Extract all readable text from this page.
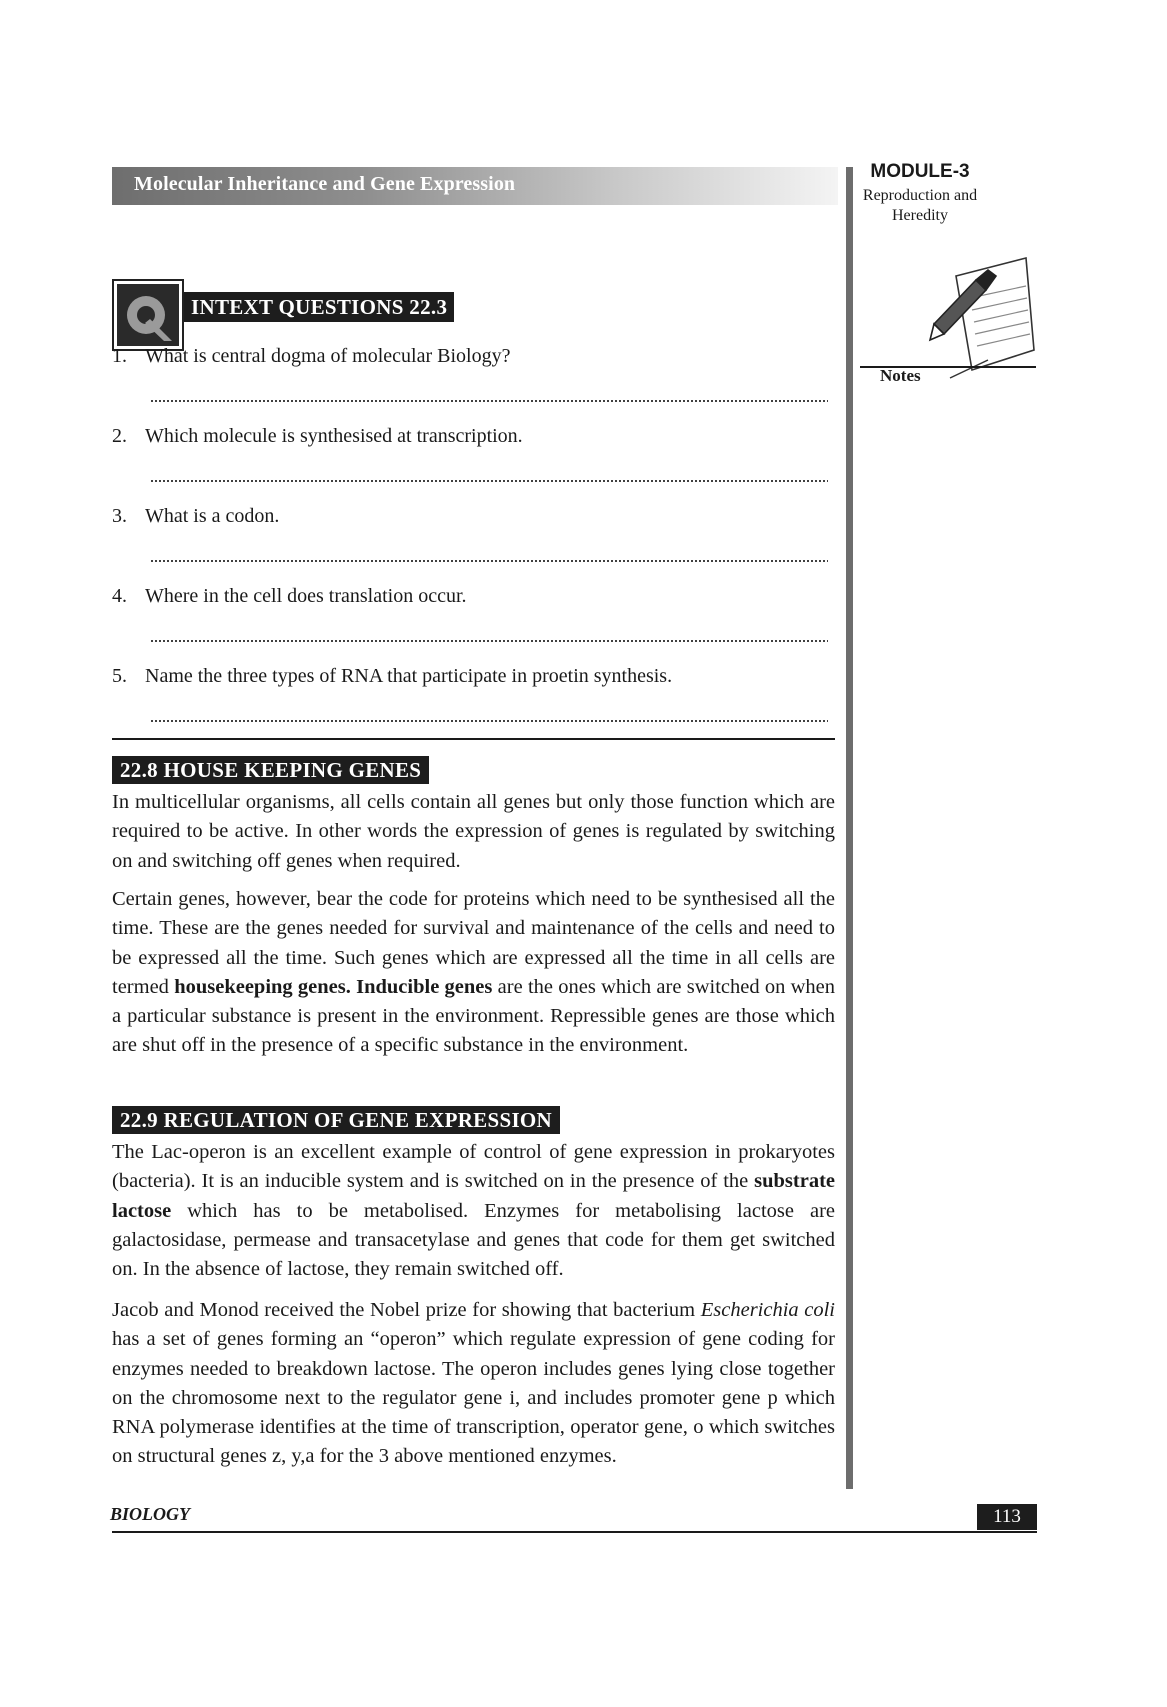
Molecular Inheritance and Gene Expression
MODULE-3
Reproduction and
Heredity
Notes
INTEXT QUESTIONS 22.3
1. What is central dogma of molecular Biology?
2. Which molecule is synthesised at transcription.
3. What is a codon.
4. Where in the cell does translation occur.
5. Name the three types of RNA that participate in proetin synthesis.
22.8 HOUSE KEEPING GENES

In multicellular organisms, all cells contain all genes but only those function which are required to be active. In other words the expression of genes is regulated by switching on and switching off genes when required.

Certain genes, however, bear the code for proteins which need to be synthesised all the time. These are the genes needed for survival and maintenance of the cells and need to be expressed all the time. Such genes which are expressed all the time in all cells are termed housekeeping genes. Inducible genes are the ones which are switched on when a particular substance is present in the environment. Repressible genes are those which are shut off in the presence of a specific substance in the environment.

22.9 REGULATION OF GENE EXPRESSION

The Lac-operon is an excellent example of control of gene expression in prokaryotes (bacteria). It is an inducible system and is switched on in the presence of the substrate lactose which has to be metabolised. Enzymes for metabolising lactose are galactosidase, permease and transacetylase and genes that code for them get switched on. In the absence of lactose, they remain switched off.

Jacob and Monod received the Nobel prize for showing that bacterium Escherichia coli has a set of genes forming an “operon” which regulate expression of gene coding for enzymes needed to breakdown lactose. The operon includes genes lying close together on the chromosome next to the regulator gene i, and includes promoter gene p which RNA polymerase identifies at the time of transcription, operator gene, o which switches on structural genes z, y,a for the 3 above mentioned enzymes.

BIOLOGY	113
